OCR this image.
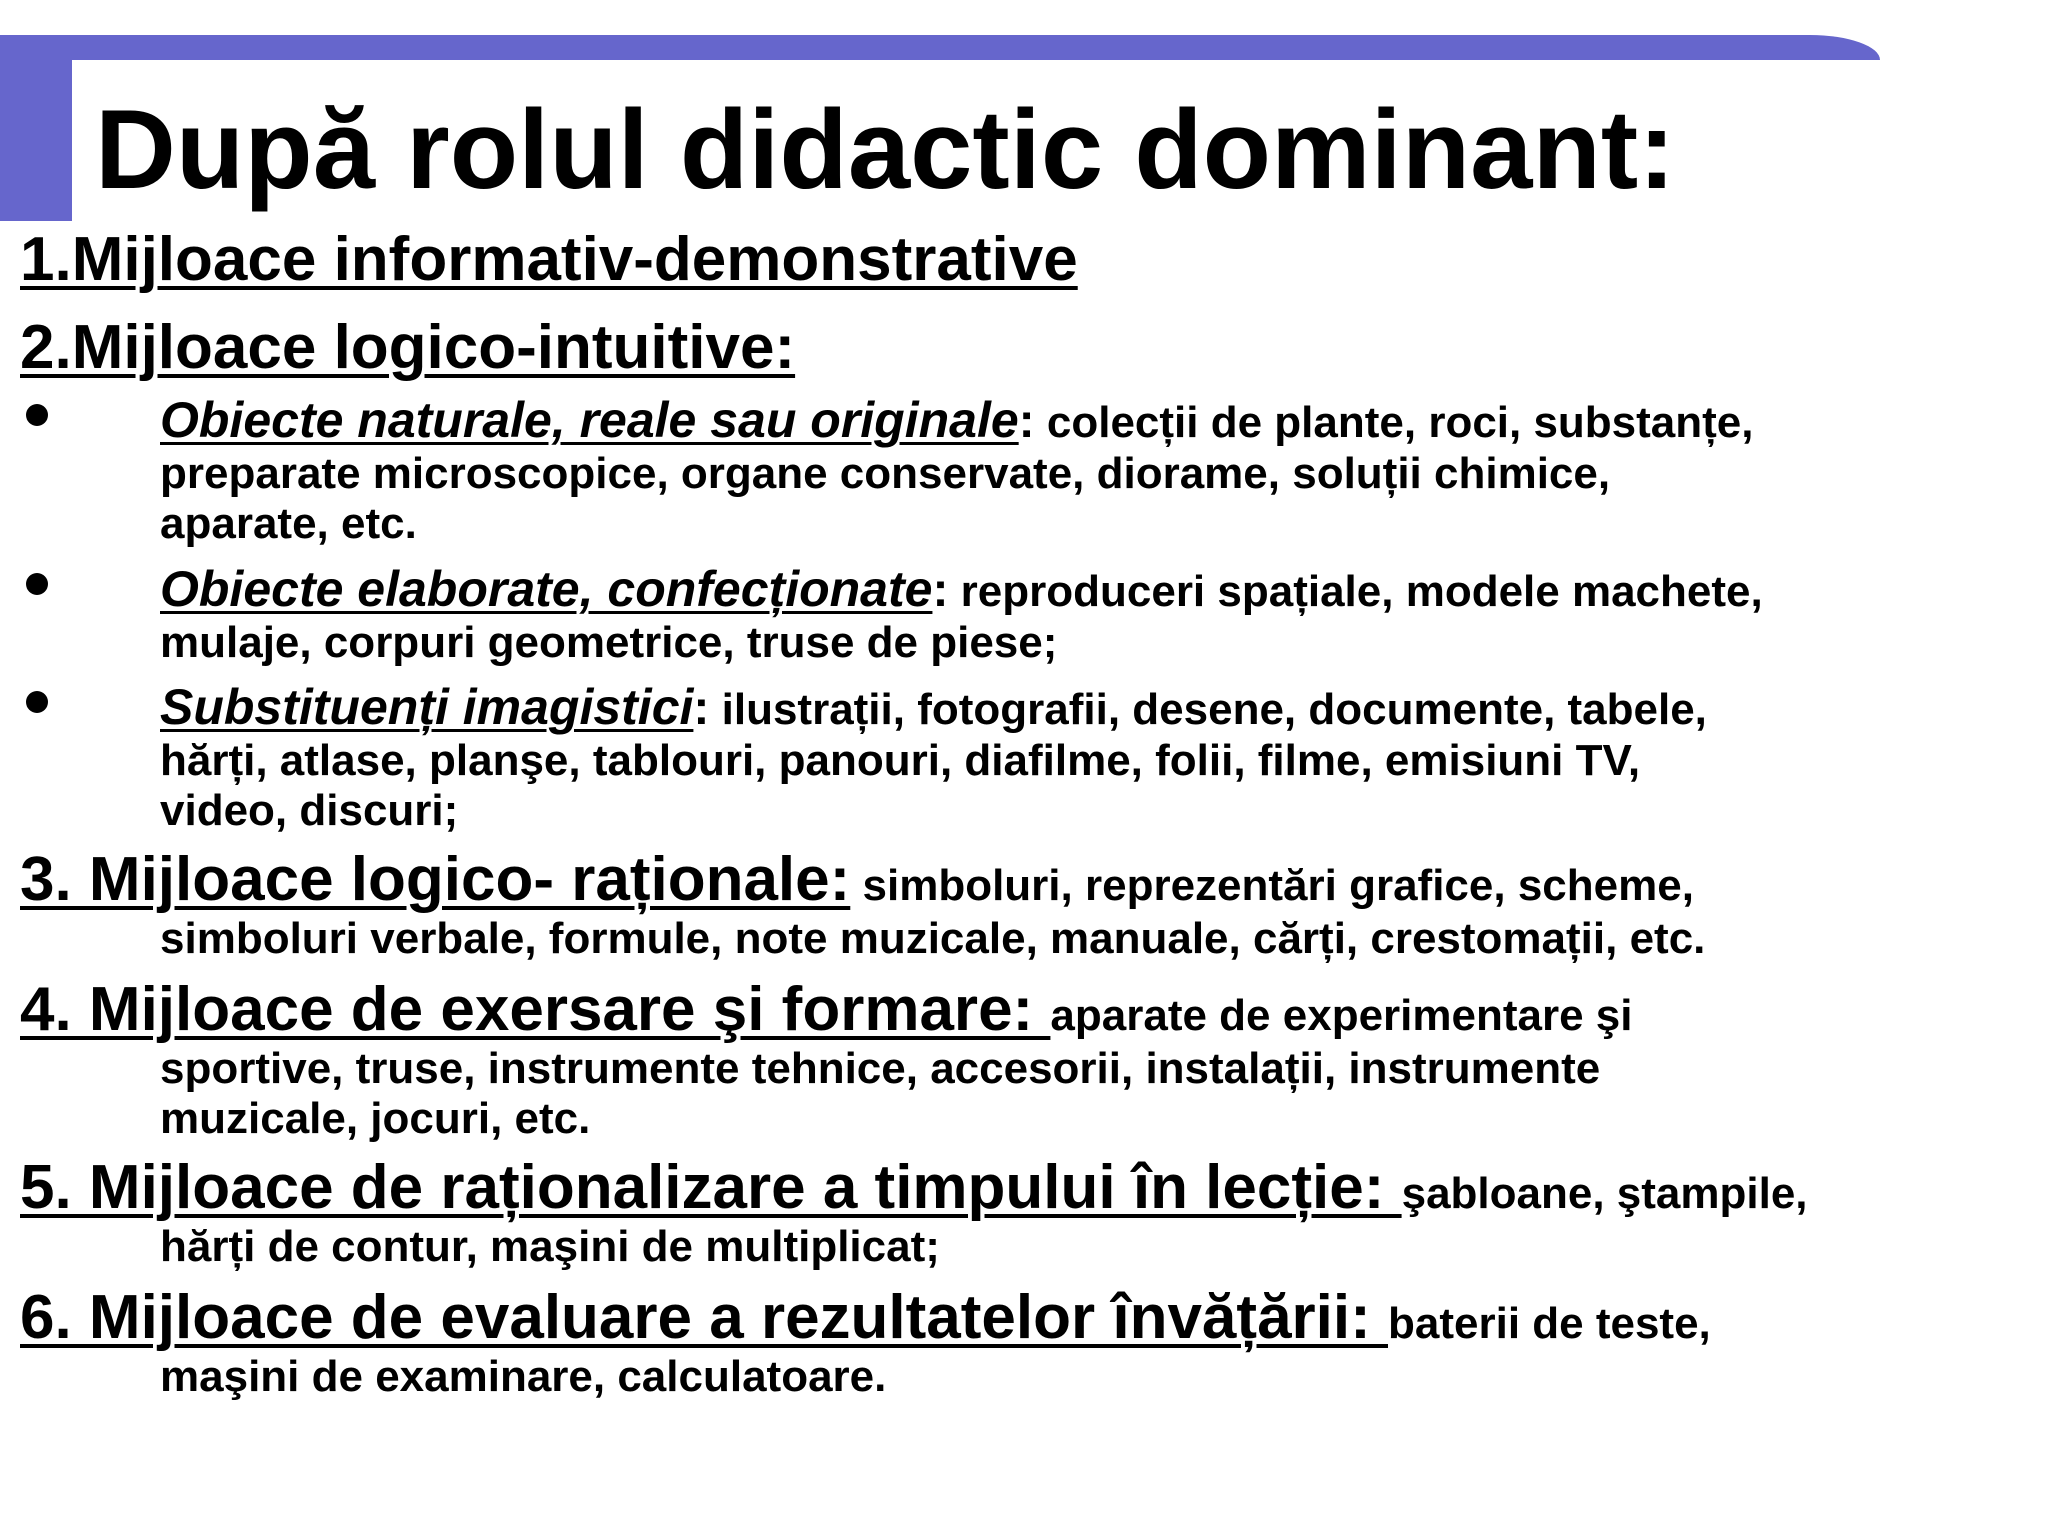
După rolul didactic dominant:
1.Mijloace informativ-demonstrative
2.Mijloace logico-intuitive:
Obiecte naturale, reale sau originale: colecții de plante, roci, substanțe,
preparate microscopice, organe conservate, diorame, soluții chimice,
aparate, etc.
Obiecte elaborate, confecționate: reproduceri spațiale, modele machete,
mulaje, corpuri geometrice, truse de piese;
Substituenți imagistici: ilustrații, fotografii, desene, documente, tabele,
hărți, atlase, planşe, tablouri, panouri, diafilme, folii, filme, emisiuni TV,
video, discuri;
3. Mijloace logico- raționale: simboluri, reprezentări grafice, scheme,
simboluri verbale, formule, note muzicale, manuale, cărți, crestomații, etc.
4. Mijloace de exersare şi formare: aparate de experimentare şi
sportive, truse, instrumente tehnice, accesorii, instalații, instrumente
muzicale, jocuri, etc.
5. Mijloace de raționalizare a timpului în lecție: şabloane, ştampile,
hărți de contur, maşini de multiplicat;
6. Mijloace de evaluare a rezultatelor învățării: baterii de teste,
maşini de examinare, calculatoare.
